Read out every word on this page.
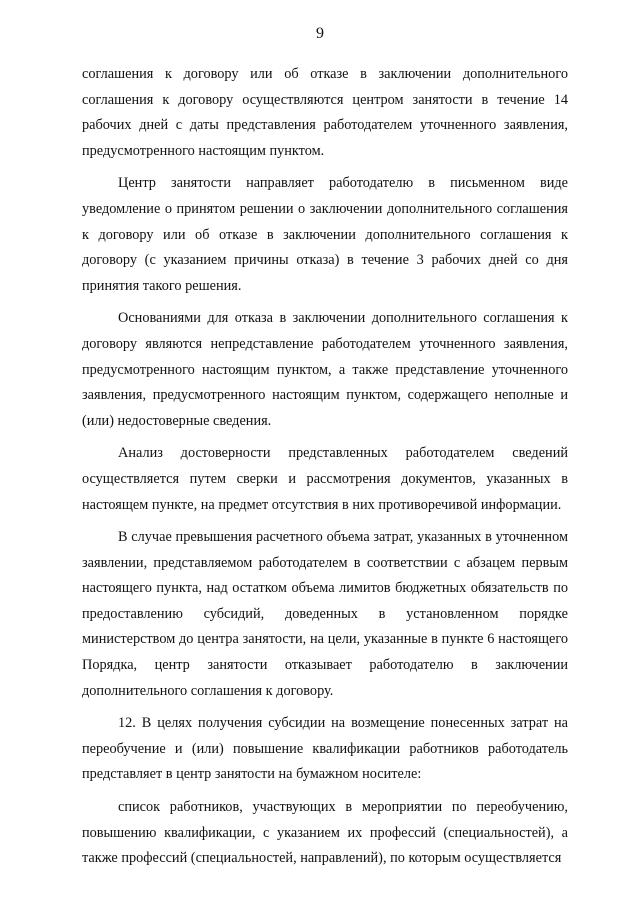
9

соглашения к договору или об отказе в заключении дополнительного соглашения к договору осуществляются центром занятости в течение 14 рабочих дней с даты представления работодателем уточненного заявления, предусмотренного настоящим пунктом.

Центр занятости направляет работодателю в письменном виде уведомление о принятом решении о заключении дополнительного соглашения к договору или об отказе в заключении дополнительного соглашения к договору (с указанием причины отказа) в течение 3 рабочих дней со дня принятия такого решения.

Основаниями для отказа в заключении дополнительного соглашения к договору являются непредставление работодателем уточненного заявления, предусмотренного настоящим пунктом, а также представление уточненного заявления, предусмотренного настоящим пунктом, содержащего неполные и (или) недостоверные сведения.

Анализ достоверности представленных работодателем сведений осуществляется путем сверки и рассмотрения документов, указанных в настоящем пункте, на предмет отсутствия в них противоречивой информации.

В случае превышения расчетного объема затрат, указанных в уточненном заявлении, представляемом работодателем в соответствии с абзацем первым настоящего пункта, над остатком объема лимитов бюджетных обязательств по предоставлению субсидий, доведенных в установленном порядке министерством до центра занятости, на цели, указанные в пункте 6 настоящего Порядка, центр занятости отказывает работодателю в заключении дополнительного соглашения к договору.

12. В целях получения субсидии на возмещение понесенных затрат на переобучение и (или) повышение квалификации работников работодатель представляет в центр занятости на бумажном носителе:

список работников, участвующих в мероприятии по переобучению, повышению квалификации, с указанием их профессий (специальностей), а также профессий (специальностей, направлений), по которым осуществляется
